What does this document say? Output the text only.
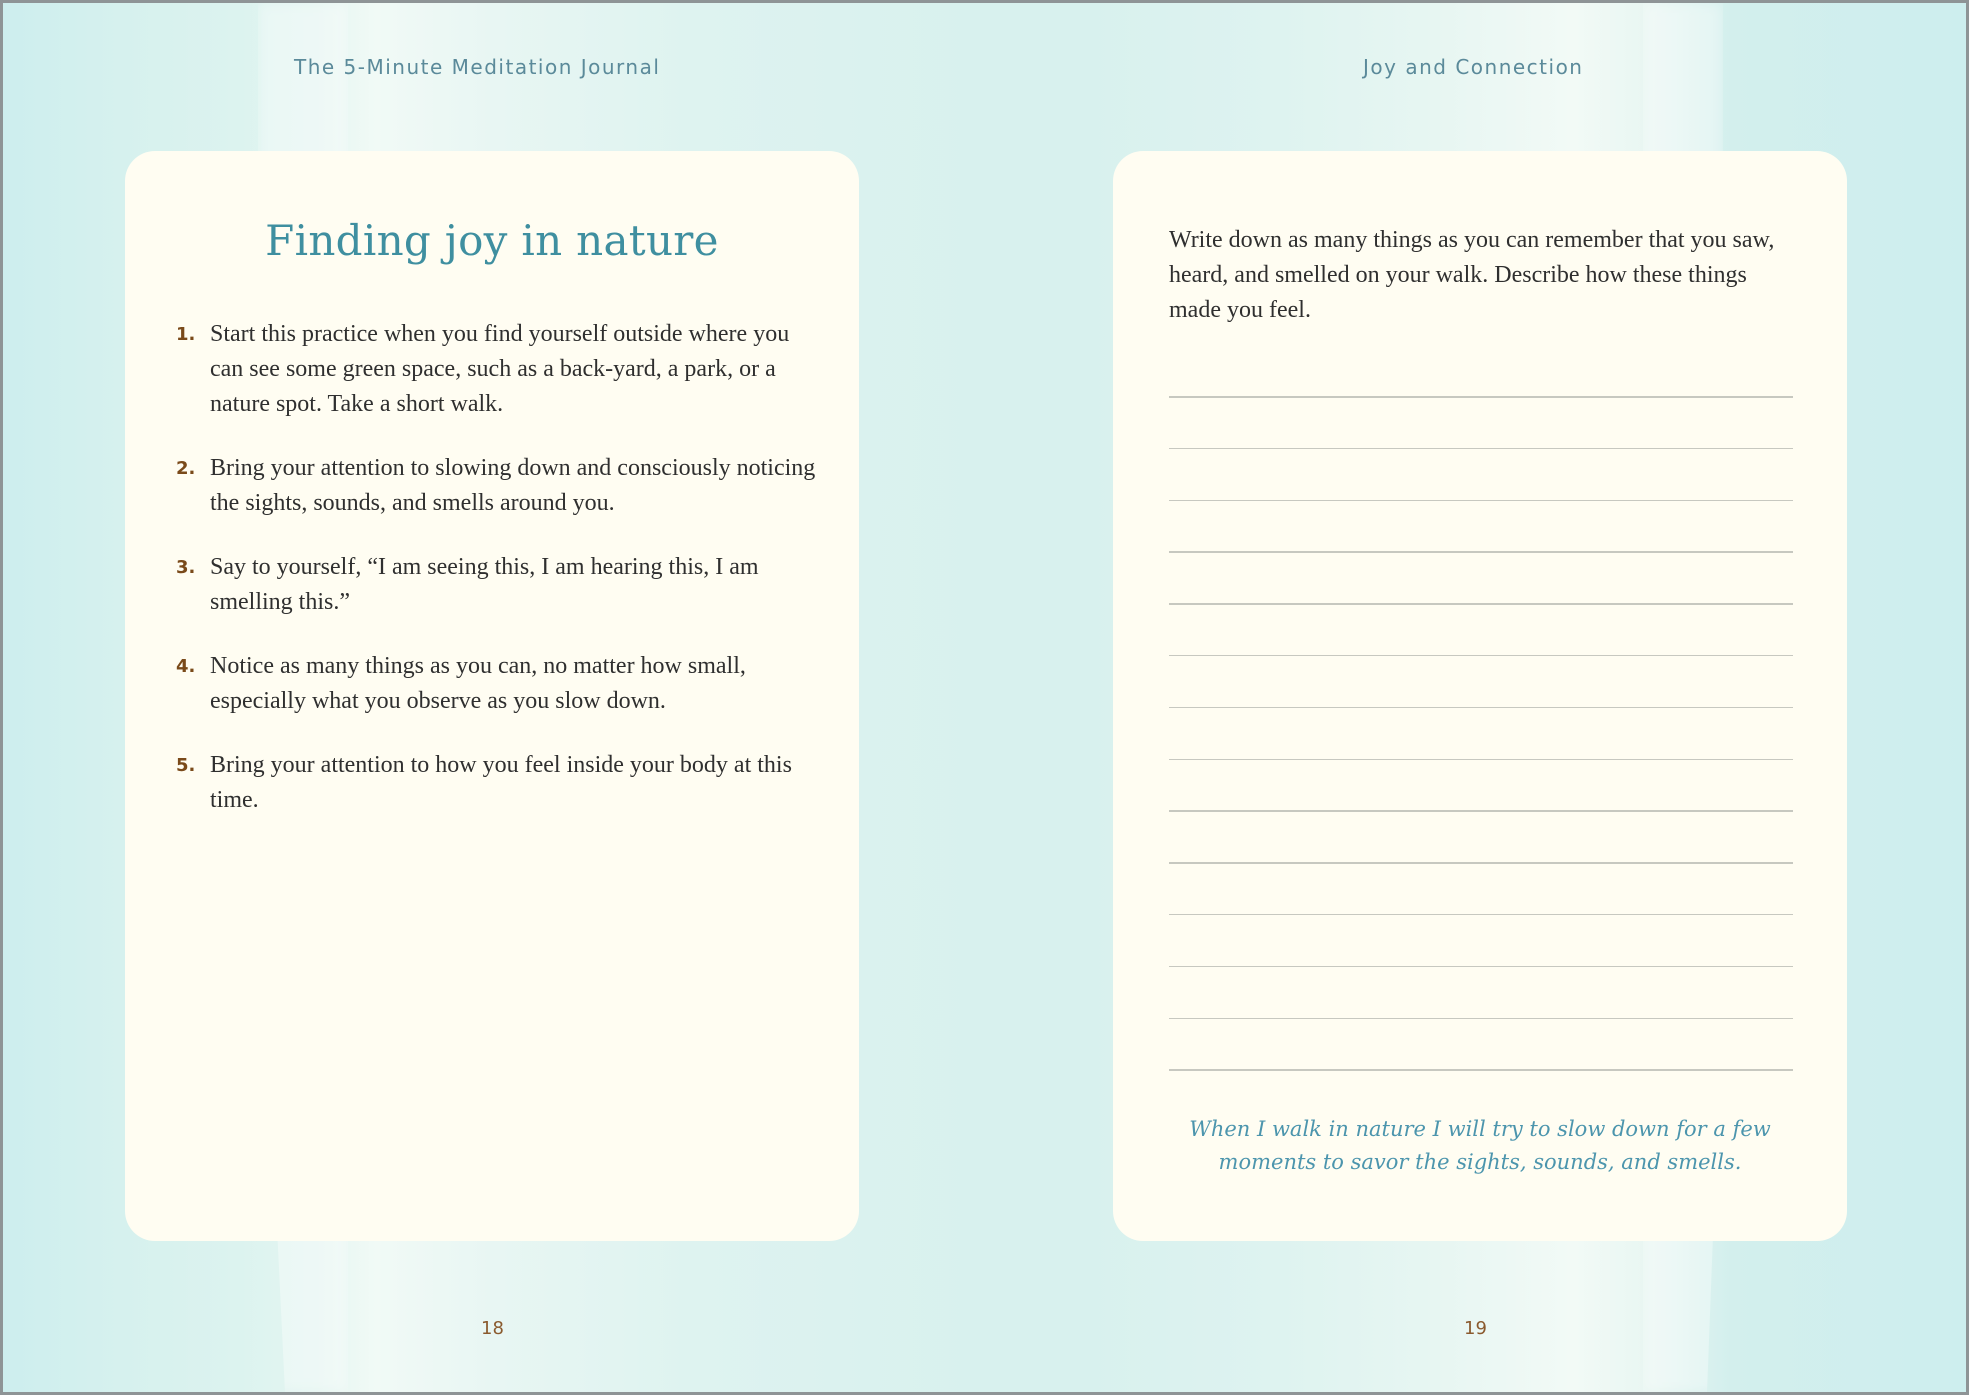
The 5-Minute Meditation Journal
Finding joy in nature
1. Start this practice when you find yourself outside where you can see some green space, such as a back-yard, a park, or a nature spot. Take a short walk.
2. Bring your attention to slowing down and consciously noticing the sights, sounds, and smells around you.
3. Say to yourself, “I am seeing this, I am hearing this, I am smelling this.”
4. Notice as many things as you can, no matter how small, especially what you observe as you slow down.
5. Bring your attention to how you feel inside your body at this time.
18
Joy and Connection

Write down as many things as you can remember that you saw, heard, and smelled on your walk. Describe how these things made you feel.

When I walk in nature I will try to slow down for a few moments to savor the sights, sounds, and smells.

19
